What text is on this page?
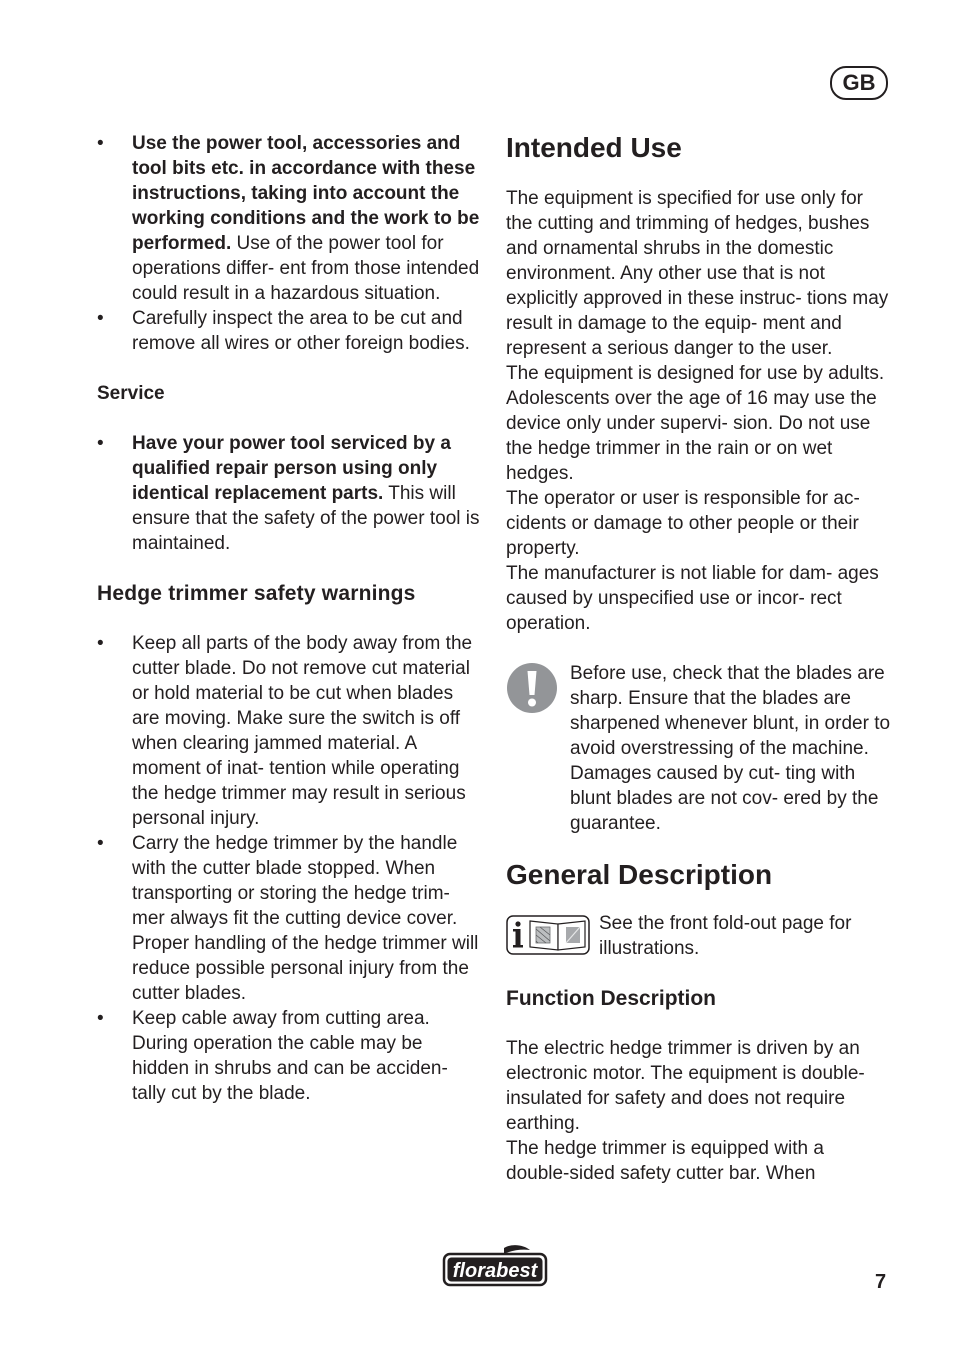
GB
• Use the power tool, accessories and tool bits etc. in accordance with these instructions, taking into account the working conditions and the work to be performed. Use of the power tool for operations differ- ent from those intended could result in a hazardous situation.
• Carefully inspect the area to be cut and remove all wires or other foreign bodies.
Service
• Have your power tool serviced by a qualified repair person using only identical replacement parts. This will ensure that the safety of the power tool is maintained.
Hedge trimmer safety warnings
• Keep all parts of the body away from the cutter blade. Do not remove cut material or hold material to be cut when blades are moving. Make sure the switch is off when clearing jammed material. A moment of inat- tention while operating the hedge trimmer may result in serious personal injury.
• Carry the hedge trimmer by the handle with the cutter blade stopped. When transporting or storing the hedge trim- mer always fit the cutting device cover. Proper handling of the hedge trimmer will reduce possible personal injury from the cutter blades.
• Keep cable away from cutting area. During operation the cable may be hidden in shrubs and can be acciden- tally cut by the blade.
Intended Use
The equipment is specified for use only for the cutting and trimming of hedges, bushes and ornamental shrubs in the domestic environment. Any other use that is not explicitly approved in these instruc- tions may result in damage to the equip- ment and represent a serious danger to the user.
The equipment is designed for use by adults. Adolescents over the age of 16 may use the device only under supervi- sion. Do not use the hedge trimmer in the rain or on wet hedges.
The operator or user is responsible for ac- cidents or damage to other people or their property.
The manufacturer is not liable for dam- ages caused by unspecified use or incor- rect operation.
Before use, check that the blades are sharp. Ensure that the blades are sharpened whenever blunt, in order to avoid overstressing of the machine. Damages caused by cut- ting with blunt blades are not cov- ered by the guarantee.
General Description
See the front fold-out page for illustrations.
Function Description
The electric hedge trimmer is driven by an electronic motor. The equipment is double-insulated for safety and does not require earthing.
The hedge trimmer is equipped with a double-sided safety cutter bar. When
florabest	7
